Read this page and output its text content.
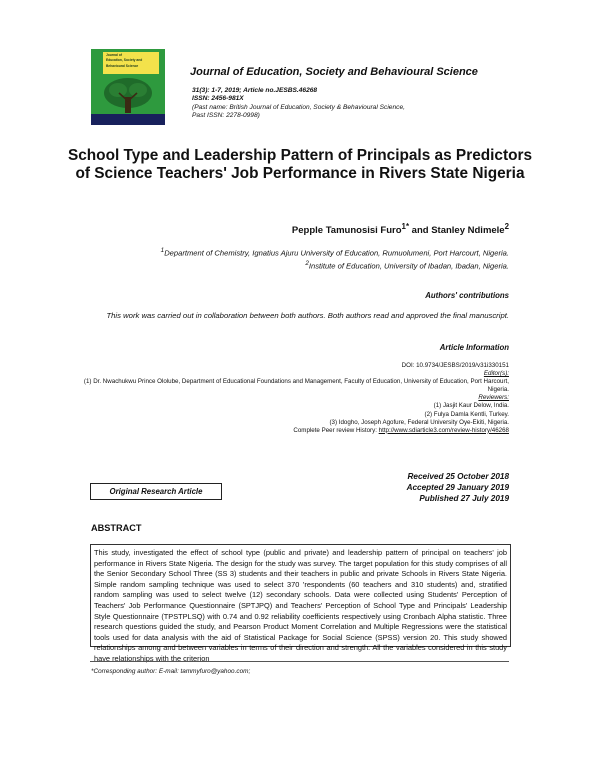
Journal of
Education, Society and
Behavioural Science
Journal of Education, Society and Behavioural Science
31(3): 1-7, 2019; Article no.JESBS.46268
ISSN: 2456-981X
(Past name: British Journal of Education, Society & Behavioural Science,
Past ISSN: 2278-0998)
School Type and Leadership Pattern of Principals as Predictors of Science Teachers' Job Performance in Rivers State Nigeria
Pepple Tamunosisi Furo$^{1*}$ and Stanley Ndimele$^2$
$^1$Department of Chemistry, Ignatius Ajuru University of Education, Rumuolumeni, Port Harcourt, Nigeria.
$^2$Institute of Education, University of Ibadan, Ibadan, Nigeria.
Authors' contributions
This work was carried out in collaboration between both authors. Both authors read and approved the final manuscript.
Article Information
DOI: 10.9734/JESBS/2019/v31i330151
Editor(s):
(1) Dr. Nwachukwu Prince Ololube, Department of Educational Foundations and Management, Faculty of Education, University of Education, Port Harcourt, Nigeria.
Reviewers:
(1) Jasjit Kaur Delow, India.
(2) Fulya Damla Kentli, Turkey.
(3) Idogho, Joseph Agofure, Federal University Oye-Ekiti, Nigeria.
Complete Peer review History: http://www.sdiarticle3.com/review-history/46268
Original Research Article
Received 25 October 2018
Accepted 29 January 2019
Published 27 July 2019
ABSTRACT
This study, investigated the effect of school type (public and private) and leadership pattern of principal on teachers' job performance in Rivers State Nigeria. The design for the study was survey. The target population for this study comprises of all the Senior Secondary School Three (SS 3) students and their teachers in public and private Schools in Rivers State Nigeria. Simple random sampling technique was used to select 370 'respondents (60 teachers and 310 students) and, stratified random sampling was used to select twelve (12) secondary schools. Data were collected using Students' Perception of Teachers' Job Performance Questionnaire (SPTJPQ) and Teachers' Perception of School Type and Principals' Leadership Style Questionnaire (TPSTPLSQ) with 0.74 and 0.92 reliability coefficients respectively using Cronbach Alpha statistic. Three research questions guided the study, and Pearson Product Moment Correlation and Multiple Regressions were the statistical tools used for data analysis with the aid of Statistical Package for Social Science (SPSS) version 20. This study showed relationships among and between variables in terms of their direction and strength. All the variables considered in this study have relationships with the criterion
*Corresponding author: E-mail: tammyfuro@yahoo.com;
